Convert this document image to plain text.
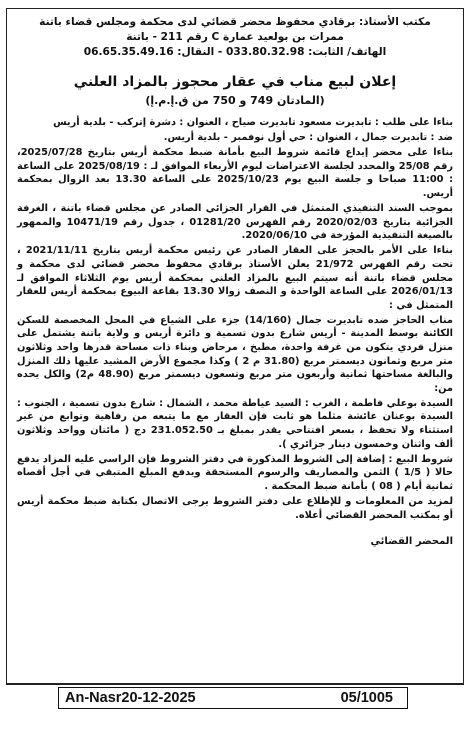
مكتب الأستاذ: برقادي محفوظ محضر قضائي لدى محكمة ومجلس قضاء باتنة

ممرات بن بولعيد عمارة C رقم 211 - باتنة

الهاتف/ الثابت: 033.80.32.98 - النقال: 06.65.35.49.16

إعلان لبيع مناب في عقار محجوز بالمزاد العلني

(المادتان 749 و 750 من ق.إ.م.إ)

بناءا على طلب : تابديرت مسعود تابديرت صياح ، العنوان : دشرة إتركب - بلدية أريس

ضد : تابديرت جمال ، العنوان : حي أول نوفمبر - بلدية أريس.

بناءا على محضر إيداع قائمة شروط البيع بأمانة ضبط محكمة أريس بتاريخ 2025/07/28، رقم 25/08 والمحدد لجلسة الاعتراضات ليوم الأربعاء الموافق لـ : 2025/08/19 على الساعة : 11:00 صباحا و جلسة البيع يوم 2025/10/23 على الساعة 13.30 بعد الزوال بمحكمة أريس.

بموجب السند التنفيذي المتمثل في القرار الجزائي الصادر عن مجلس قضاء باتنة ، الغرفة الجزائية بتاريخ 2020/02/03 رقم الفهرس 01281/20 ، جدول رقم 10471/19 والممهور بالصيغة التنفيذية المؤرخة في 2020/06/10.

بناءا على الأمر بالحجز على العقار الصادر عن رئيس محكمة أريس بتاريخ 2021/11/11 ، تحت رقم الفهرس 21/972 يعلن الأستاذ برقادي محفوظ محضر قضائي لدى محكمة و مجلس قضاء باتنة أنه سيتم البيع بالمزاد العلني بمحكمة أريس يوم الثلاثاء الموافق لـ 2026/01/13 على الساعة الواحدة و النصف زوالا 13.30 بقاعة البيوع بمحكمة أريس للعقار المتمثل في :

مناب الحاجز ضده تابديرت جمال (14/160) جزء على الشياع في المحل المخصصة للسكن الكائنة بوسط المدينة - أريس شارع بدون تسمية و دائرة أريس و ولاية باتنة يشتمل على منزل فردي يتكون من غرفة واحدة، مطبخ ، مرحاض وبناء ذات مساحة قدرها واحد وثلاثون متر مربع وثمانون ديسمتر مربع (31.80 م 2 ) وكذا مجموع الأرض المشيد عليها ذلك المنزل والبالغة مساحتها ثمانية وأربعون متر مربع وتسعون ديسمتر مربع (48.90 م2) والكل يحده من:

السيدة بوعلي فاطمة ، الغرب : السيد عياطة محمد ، الشمال : شارع بدون تسمية ، الجنوب : السيدة بوعنان عائشة مثلما هو ثابت فإن العقار مع ما يتبعه من رفاهية وتوابع من غير استثناء ولا تحفظ ، بسعر افتتاحي يقدر بمبلغ بـ 231.052.50 دج ( مائتان وواحد وثلاثون ألف واثنان وخمسون دينار جزائري ).

شروط البيع : إضافة إلى الشروط المذكورة في دفتر الشروط فإن الراسي عليه المزاد يدفع حالا ( 1/5 ) الثمن والمصاريف والرسوم المستحقة ويدفع المبلغ المتبقي في أجل أقصاه ثمانية أيام ( 08 ) بأمانة ضبط المحكمة .

لمزيد من المعلومات و للإطلاع على دفتر الشروط يرجى الاتصال بكتابة ضبط محكمة أريس أو بمكتب المحضر القضائي أعلاه.

المحضر القضائي
An-Nasr20-12-2025	05/1005
